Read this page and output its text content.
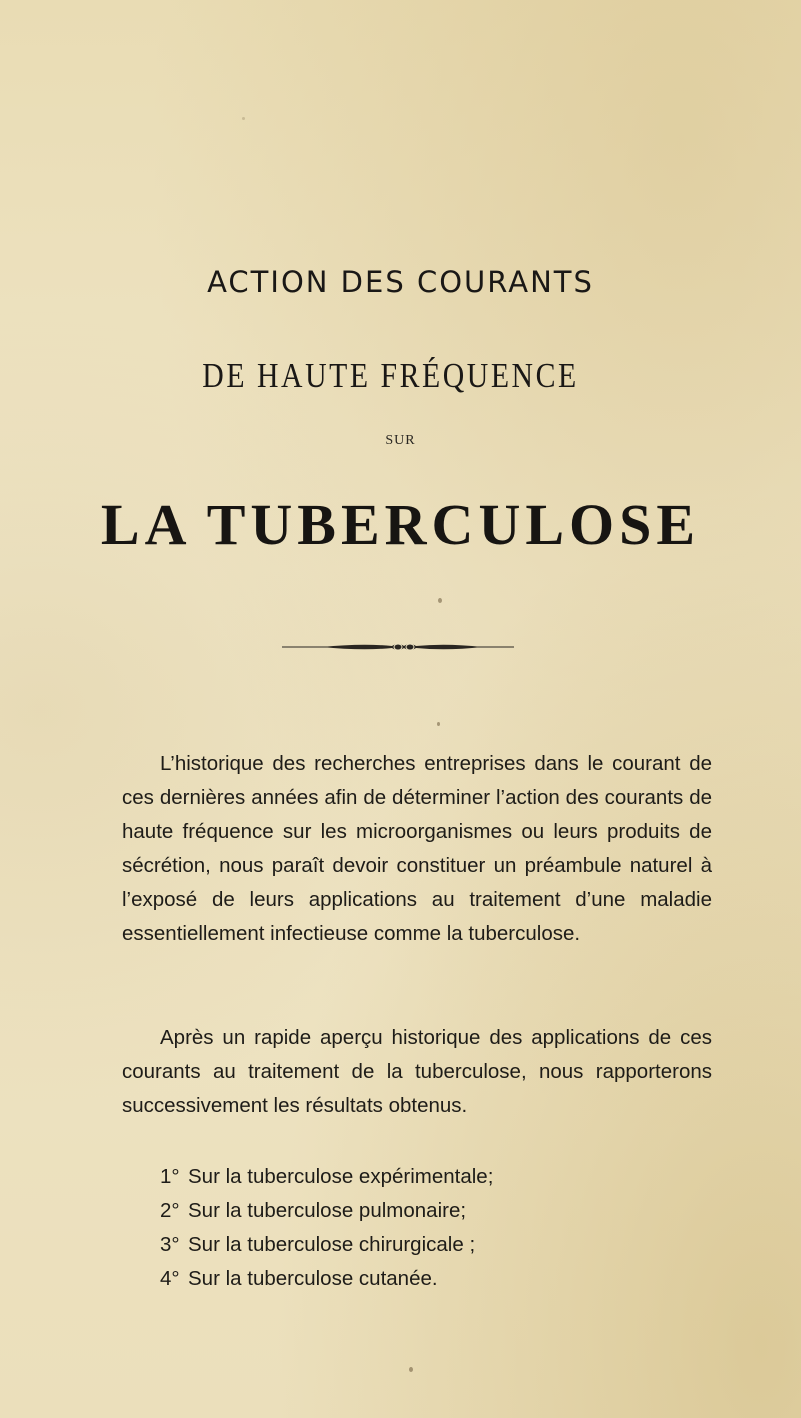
ACTION DES COURANTS
DE HAUTE FRÉQUENCE
SUR
LA TUBERCULOSE
L’historique des recherches entreprises dans le courant de ces dernières années afin de déterminer l’action des courants de haute fréquence sur les microorganismes ou leurs produits de sécrétion, nous paraît devoir constituer un préambule naturel à l’exposé de leurs applications au traitement d’une maladie essentiellement infectieuse comme la tuberculose.
Après un rapide aperçu historique des applications de ces courants au traitement de la tuberculose, nous rapporterons successivement les résultats obtenus.
1° Sur la tuberculose expérimentale;
2° Sur la tuberculose pulmonaire;
3° Sur la tuberculose chirurgicale ;
4° Sur la tuberculose cutanée.
